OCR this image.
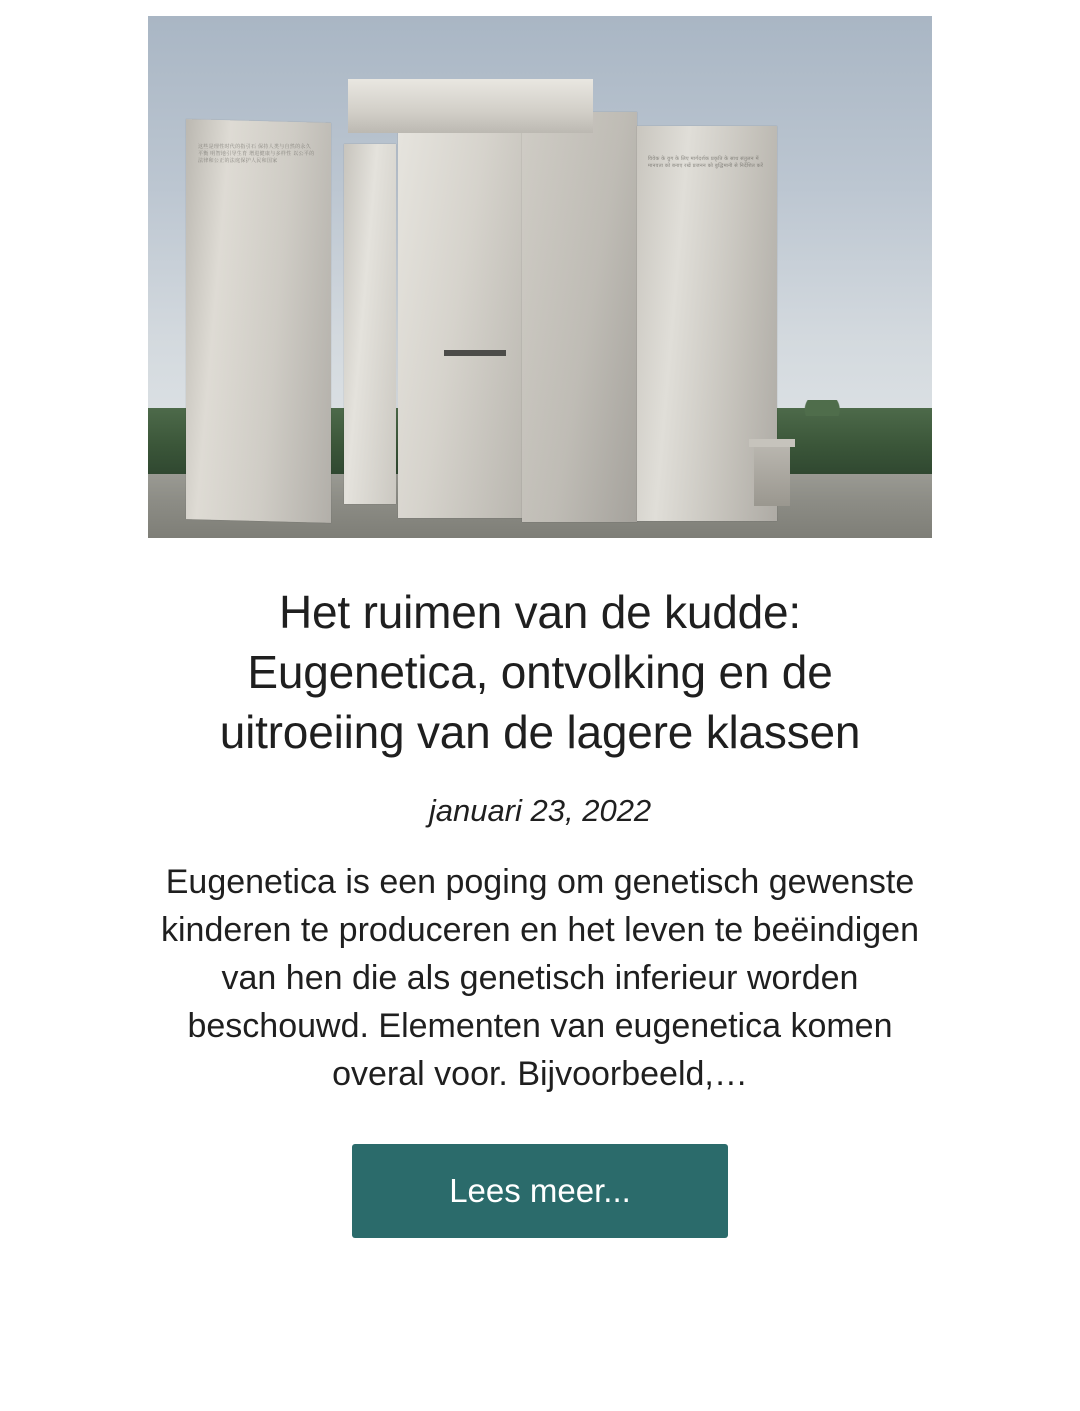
这些是理性时代的指引石 保持人类与自然的永久平衡 明智地引导生育 增进健康与多样性 以公平的法律和公正的法庭保护人民和国家	विवेक के युग के लिए मार्गदर्शक प्रकृति के साथ संतुलन में मानवता को बनाए रखें प्रजनन को बुद्धिमानी से निर्देशित करें
Het ruimen van de kudde: Eugenetica, ontvolking en de uitroeiing van de lagere klassen
januari 23, 2022

Eugenetica is een poging om genetisch gewenste kinderen te produceren en het leven te beëindigen van hen die als genetisch inferieur worden beschouwd. Elementen van eugenetica komen overal voor. Bijvoorbeeld,…

Lees meer...
